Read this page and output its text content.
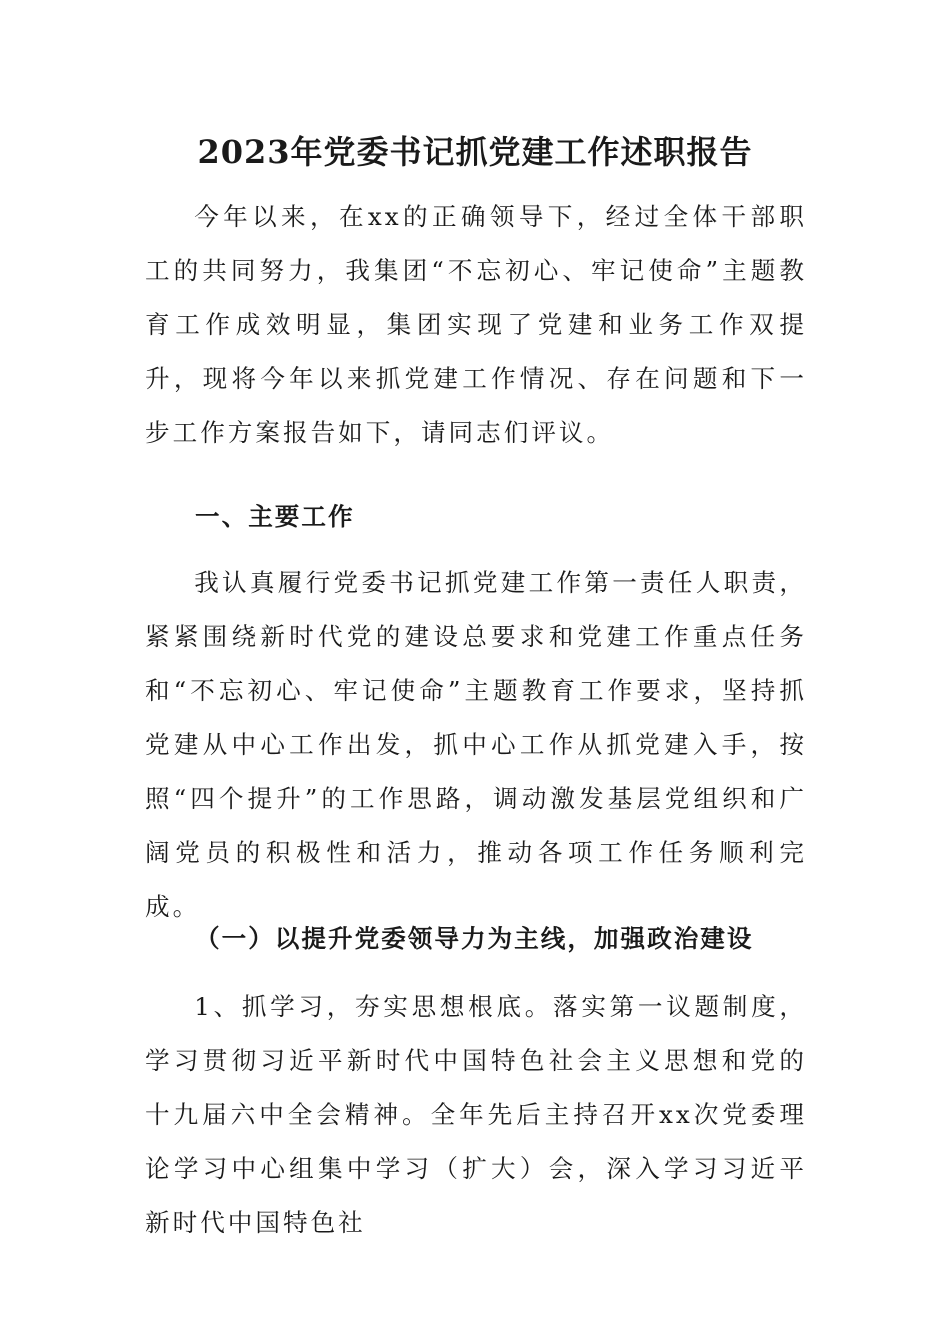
2023年党委书记抓党建工作述职报告

今年以来，在xx的正确领导下，经过全体干部职工的共同努力，我集团“不忘初心、牢记使命”主题教育工作成效明显，集团实现了党建和业务工作双提升，现将今年以来抓党建工作情况、存在问题和下一步工作方案报告如下，请同志们评议。

一、主要工作

我认真履行党委书记抓党建工作第一责任人职责，紧紧围绕新时代党的建设总要求和党建工作重点任务和“不忘初心、牢记使命”主题教育工作要求，坚持抓党建从中心工作出发，抓中心工作从抓党建入手，按照“四个提升”的工作思路，调动激发基层党组织和广阔党员的积极性和活力，推动各项工作任务顺利完成。

（一）以提升党委领导力为主线，加强政治建设

1、抓学习，夯实思想根底。落实第一议题制度，学习贯彻习近平新时代中国特色社会主义思想和党的十九届六中全会精神。全年先后主持召开xx次党委理论学习中心组集中学习（扩大）会，深入学习习近平新时代中国特色社
